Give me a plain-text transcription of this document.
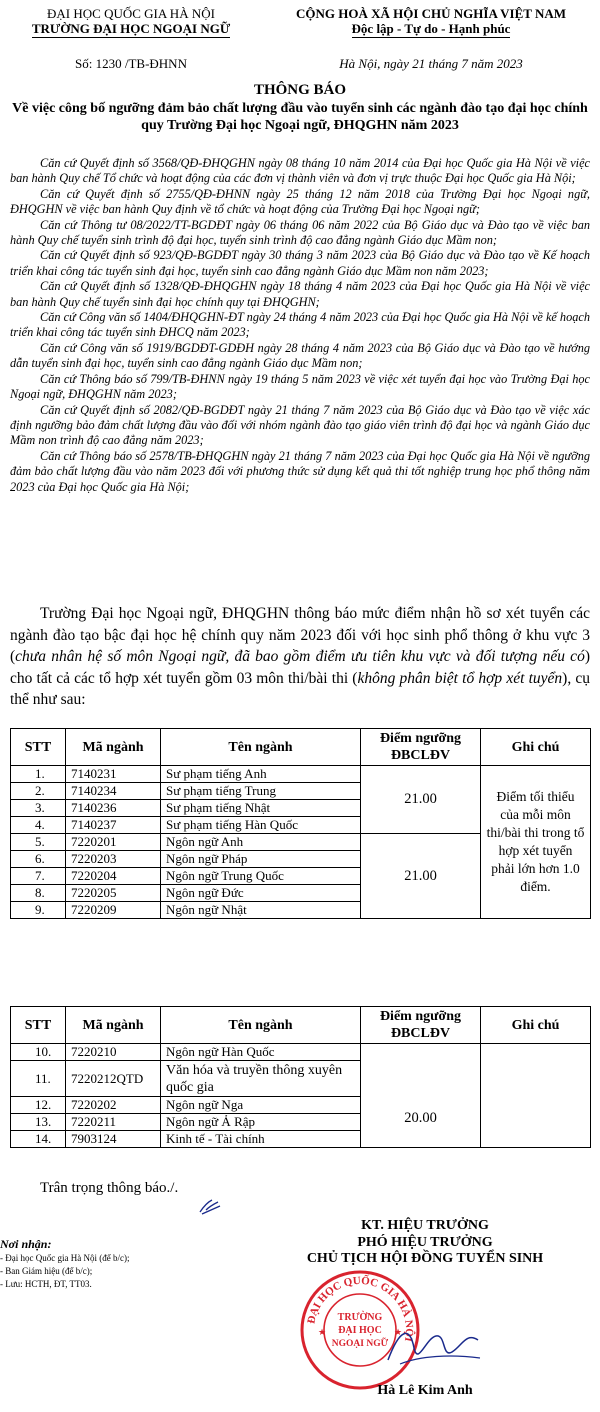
ĐẠI HỌC QUỐC GIA HÀ NỘI
TRƯỜNG ĐẠI HỌC NGOẠI NGỮ
CỘNG HOÀ XÃ HỘI CHỦ NGHĨA VIỆT NAM
Độc lập - Tự do - Hạnh phúc
Số: 1230 /TB-ĐHNN	Hà Nội, ngày 21 tháng 7 năm 2023
THÔNG BÁO
Về việc công bố ngưỡng đảm bảo chất lượng đầu vào tuyển sinh các ngành đào tạo đại học chính quy Trường Đại học Ngoại ngữ, ĐHQGHN năm 2023

Căn cứ Quyết định số 3568/QĐ-ĐHQGHN ngày 08 tháng 10 năm 2014 của Đại học Quốc gia Hà Nội về việc ban hành Quy chế Tổ chức và hoạt động của các đơn vị thành viên và đơn vị trực thuộc Đại học Quốc gia Hà Nội;

Căn cứ Quyết định số 2755/QĐ-ĐHNN ngày 25 tháng 12 năm 2018 của Trường Đại học Ngoại ngữ, ĐHQGHN về việc ban hành Quy định về tổ chức và hoạt động của Trường Đại học Ngoại ngữ;

Căn cứ Thông tư 08/2022/TT-BGDĐT ngày 06 tháng 06 năm 2022 của Bộ Giáo dục và Đào tạo về việc ban hành Quy chế tuyển sinh trình độ đại học, tuyển sinh trình độ cao đẳng ngành Giáo dục Mầm non;

Căn cứ Quyết định số 923/QĐ-BGDĐT ngày 30 tháng 3 năm 2023 của Bộ Giáo dục và Đào tạo về Kế hoạch triển khai công tác tuyển sinh đại học, tuyển sinh cao đẳng ngành Giáo dục Mầm non năm 2023;

Căn cứ Quyết định số 1328/QĐ-ĐHQGHN ngày 18 tháng 4 năm 2023 của Đại học Quốc gia Hà Nội về việc ban hành Quy chế tuyển sinh đại học chính quy tại ĐHQGHN;

Căn cứ Công văn số 1404/ĐHQGHN-ĐT ngày 24 tháng 4 năm 2023 của Đại học Quốc gia Hà Nội về kế hoạch triển khai công tác tuyển sinh ĐHCQ năm 2023;

Căn cứ Công văn số 1919/BGDĐT-GDĐH ngày 28 tháng 4 năm 2023 của Bộ Giáo dục và Đào tạo về hướng dẫn tuyển sinh đại học, tuyển sinh cao đẳng ngành Giáo dục Mầm non;

Căn cứ Thông báo số 799/TB-ĐHNN ngày 19 tháng 5 năm 2023 về việc xét tuyển đại học vào Trường Đại học Ngoại ngữ, ĐHQGHN năm 2023;

Căn cứ Quyết định số 2082/QĐ-BGDĐT ngày 21 tháng 7 năm 2023 của Bộ Giáo dục và Đào tạo về việc xác định ngưỡng bảo đảm chất lượng đầu vào đối với nhóm ngành đào tạo giáo viên trình độ đại học và ngành Giáo dục Mầm non trình độ cao đẳng năm 2023;

Căn cứ Thông báo số 2578/TB-ĐHQGHN ngày 21 tháng 7 năm 2023 của Đại học Quốc gia Hà Nội về ngưỡng đảm bảo chất lượng đầu vào năm 2023 đối với phương thức sử dụng kết quả thi tốt nghiệp trung học phổ thông năm 2023 của Đại học Quốc gia Hà Nội;

Trường Đại học Ngoại ngữ, ĐHQGHN thông báo mức điểm nhận hồ sơ xét tuyển các ngành đào tạo bậc đại học hệ chính quy năm 2023 đối với học sinh phổ thông ở khu vực 3 (chưa nhân hệ số môn Ngoại ngữ, đã bao gồm điểm ưu tiên khu vực và đối tượng nếu có) cho tất cả các tổ hợp xét tuyển gồm 03 môn thi/bài thi (không phân biệt tổ hợp xét tuyển), cụ thể như sau:

STT	Mã ngành	Tên ngành	Điểm ngưỡng ĐBCLĐV	Ghi chú
1.	7140231	Sư phạm tiếng Anh	21.00	Điểm tối thiểu của mỗi môn thi/bài thi trong tổ hợp xét tuyển phải lớn hơn 1.0 điểm.
2.	7140234	Sư phạm tiếng Trung		
3.	7140236	Sư phạm tiếng Nhật		
4.	7140237	Sư phạm tiếng Hàn Quốc		
5.	7220201	Ngôn ngữ Anh	21.00	
6.	7220203	Ngôn ngữ Pháp		
7.	7220204	Ngôn ngữ Trung Quốc		
8.	7220205	Ngôn ngữ Đức		
9.	7220209	Ngôn ngữ Nhật		
STT	Mã ngành	Tên ngành	Điểm ngưỡng ĐBCLĐV	Ghi chú
10.	7220210	Ngôn ngữ Hàn Quốc	20.00	
11.	7220212QTD	Văn hóa và truyền thông xuyên quốc gia		
12.	7220202	Ngôn ngữ Nga		
13.	7220211	Ngôn ngữ Ả Rập		
14.	7903124	Kinh tế - Tài chính		
Trân trọng thông báo./.
Nơi nhận:
- Đại học Quốc gia Hà Nội (để b/c);
- Ban Giám hiệu (để b/c);
- Lưu: HCTH, ĐT, TT03.
KT. HIỆU TRƯỞNG
PHÓ HIỆU TRƯỞNG
CHỦ TỊCH HỘI ĐỒNG TUYỂN SINH
ĐẠI HỌC QUỐC GIA HÀ NỘI
TRƯỜNG
ĐẠI HỌC
NGOẠI NGỮ
★	★
Hà Lê Kim Anh
